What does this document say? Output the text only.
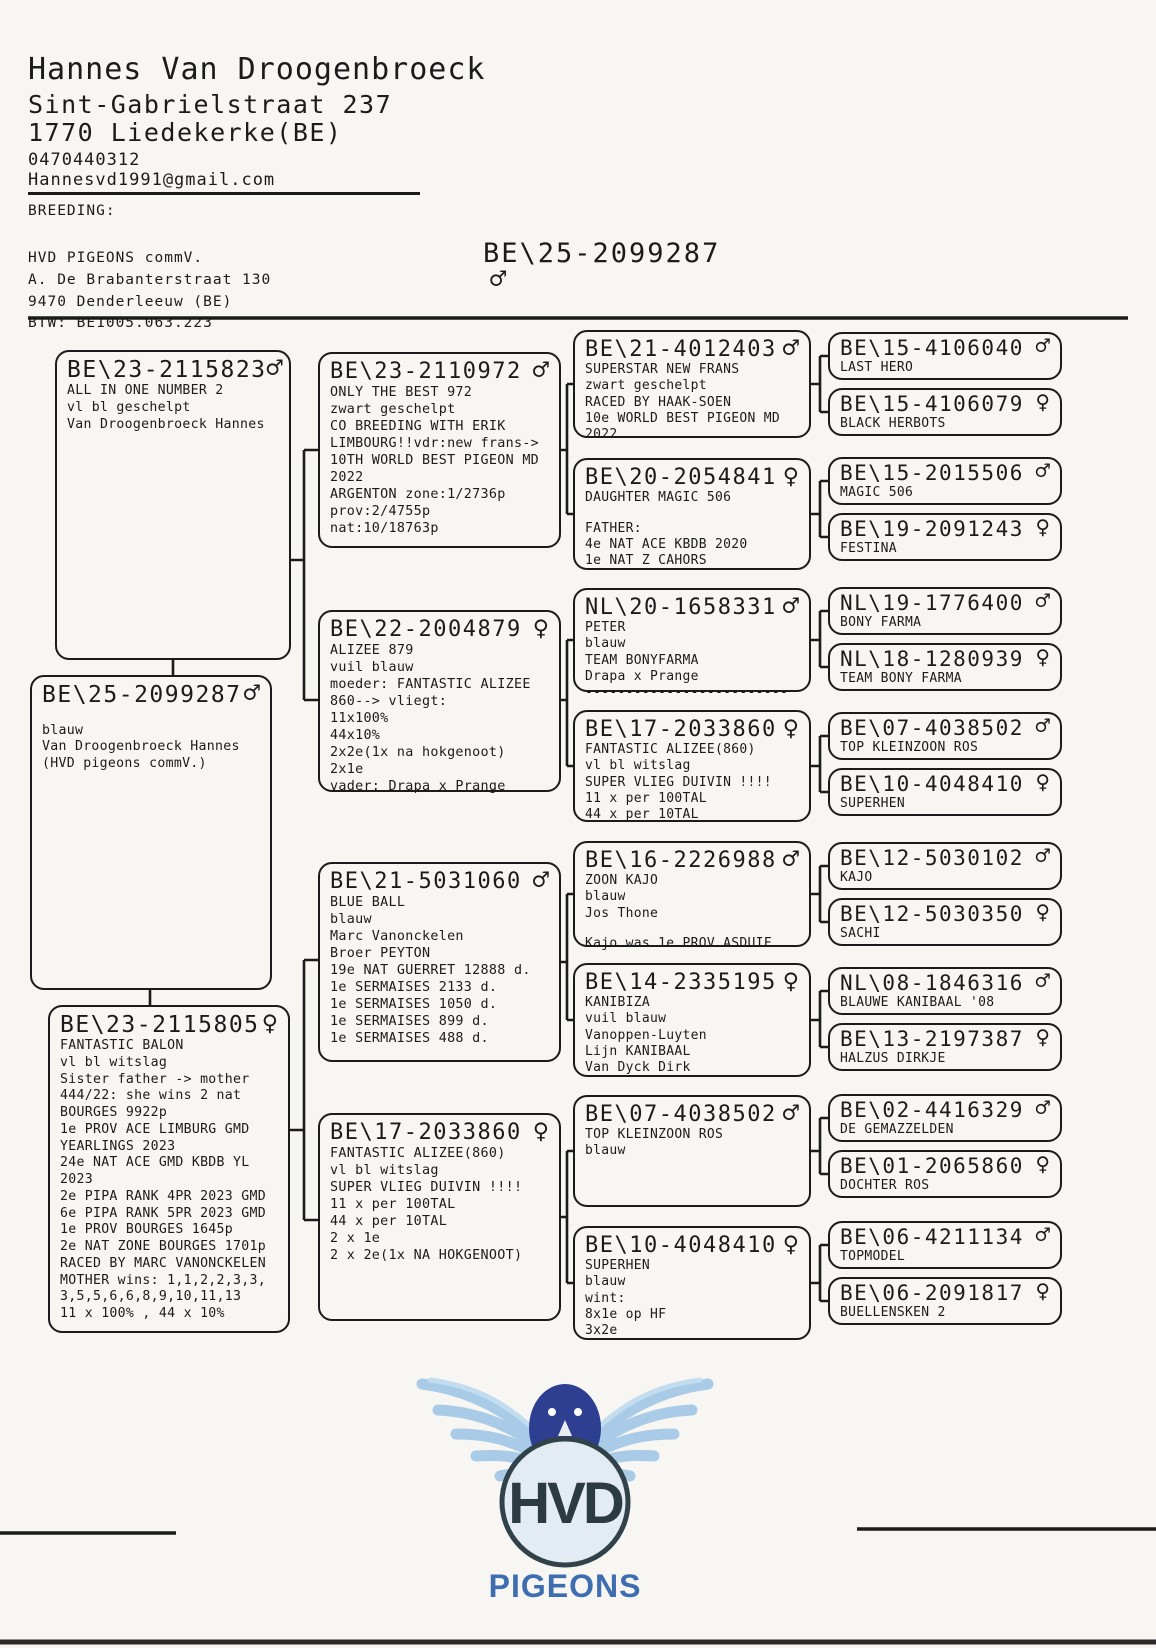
Hannes Van Droogenbroeck
Sint-Gabrielstraat 237
1770 Liedekerke(BE)
0470440312
Hannesvd1991@gmail.com
BREEDING:
HVD PIGEONS commV.
A. De Brabanterstraat 130
9470 Denderleeuw (BE)
BTW: BE1005.063.223
BE\25-2099287
♂
BE\23-2115823 ♂
ALL IN ONE NUMBER 2
vl bl geschelpt
Van Droogenbroeck Hannes
BE\25-2099287 ♂
blauw
Van Droogenbroeck Hannes
(HVD pigeons commV.)
BE\23-2115805 ♀
FANTASTIC BALON
vl bl witslag
Sister father -> mother
444/22: she wins 2 nat
BOURGES 9922p
1e PROV ACE LIMBURG GMD
YEARLINGS 2023
24e NAT ACE GMD KBDB YL
2023
2e PIPA RANK 4PR 2023 GMD
6e PIPA RANK 5PR 2023 GMD
1e PROV BOURGES 1645p
2e NAT ZONE BOURGES 1701p
RACED BY MARC VANONCKELEN
MOTHER wins: 1,1,2,2,3,3,
3,5,5,6,6,8,9,10,11,13
11 x 100% , 44 x 10%
BE\23-2110972 ♂
ONLY THE BEST 972
zwart geschelpt
CO BREEDING WITH ERIK
LIMBOURG!!vdr:new frans->
10TH WORLD BEST PIGEON MD
2022
ARGENTON zone:1/2736p
prov:2/4755p
nat:10/18763p
BE\22-2004879 ♀
ALIZEE 879
vuil blauw
moeder: FANTASTIC ALIZEE
860--> vliegt:
11x100%
44x10%
2x2e(1x na hokgenoot)
2x1e
vader: Drapa x Prange
BE\21-5031060 ♂
BLUE BALL
blauw
Marc Vanonckelen
Broer PEYTON
19e NAT GUERRET 12888 d.
1e SERMAISES 2133 d.
1e SERMAISES 1050 d.
1e SERMAISES 899 d.
1e SERMAISES 488 d.
BE\17-2033860 ♀
FANTASTIC ALIZEE(860)
vl bl witslag
SUPER VLIEG DUIVIN !!!!
11 x per 100TAL
44 x per 10TAL
2 x 1e
2 x 2e(1x NA HOKGENOOT)
BE\21-4012403 ♂
SUPERSTAR NEW FRANS
zwart geschelpt
RACED BY HAAK-SOEN
10e WORLD BEST PIGEON MD
2022
BE\20-2054841 ♀
DAUGHTER MAGIC 506
FATHER:
4e NAT ACE KBDB 2020
1e NAT Z CAHORS
NL\20-1658331 ♂
PETER
blauw
TEAM BONYFARMA
Drapa x Prange
-------------------------
BE\17-2033860 ♀
FANTASTIC ALIZEE(860)
vl bl witslag
SUPER VLIEG DUIVIN !!!!
11 x per 100TAL
44 x per 10TAL
BE\16-2226988 ♂
ZOON KAJO
blauw
Jos Thone
Kajo was 1e PROV ASDUIF
BE\14-2335195 ♀
KANIBIZA
vuil blauw
Vanoppen-Luyten
Lijn KANIBAAL
Van Dyck Dirk
BE\07-4038502 ♂
TOP KLEINZOON ROS
blauw
BE\10-4048410 ♀
SUPERHEN
blauw
wint:
8x1e op HF
3x2e
BE\15-4106040 ♂
LAST HERO
BE\15-4106079 ♀
BLACK HERBOTS
BE\15-2015506 ♂
MAGIC 506
BE\19-2091243 ♀
FESTINA
NL\19-1776400 ♂
BONY FARMA
NL\18-1280939 ♀
TEAM BONY FARMA
BE\07-4038502 ♂
TOP KLEINZOON ROS
BE\10-4048410 ♀
SUPERHEN
BE\12-5030102 ♂
KAJO
BE\12-5030350 ♀
SACHI
NL\08-1846316 ♂
BLAUWE KANIBAAL '08
BE\13-2197387 ♀
HALZUS DIRKJE
BE\02-4416329 ♂
DE GEMAZZELDEN
BE\01-2065860 ♀
DOCHTER ROS
BE\06-4211134 ♂
TOPMODEL
BE\06-2091817 ♀
BUELLENSKEN 2
HVD
PIGEONS
